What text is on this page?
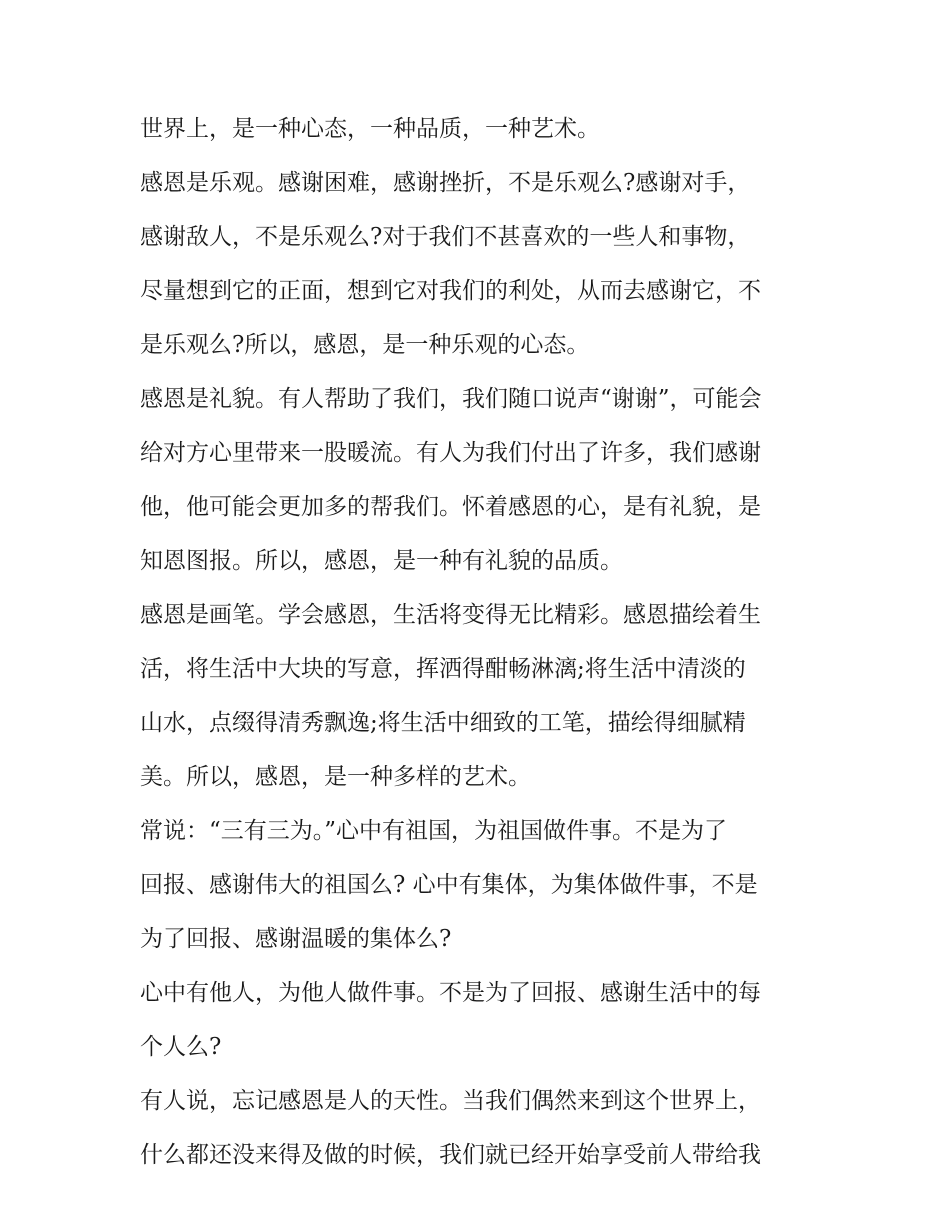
世界上，是一种心态，一种品质，一种艺术。
感恩是乐观。感谢困难，感谢挫折，不是乐观么?感谢对手，
感谢敌人，不是乐观么?对于我们不甚喜欢的一些人和事物，
尽量想到它的正面，想到它对我们的利处，从而去感谢它，不
是乐观么?所以，感恩，是一种乐观的心态。
感恩是礼貌。有人帮助了我们，我们随口说声“谢谢”，可能会
给对方心里带来一股暖流。有人为我们付出了许多，我们感谢
他，他可能会更加多的帮我们。怀着感恩的心，是有礼貌，是
知恩图报。所以，感恩，是一种有礼貌的品质。
感恩是画笔。学会感恩，生活将变得无比精彩。感恩描绘着生
活，将生活中大块的写意，挥洒得酣畅淋漓;将生活中清淡的
山水，点缀得清秀飘逸;将生活中细致的工笔，描绘得细腻精
美。所以，感恩，是一种多样的艺术。
常说：“三有三为。”心中有祖国，为祖国做件事。不是为了
回报、感谢伟大的祖国么? 心中有集体，为集体做件事，不是
为了回报、感谢温暖的集体么?
心中有他人，为他人做件事。不是为了回报、感谢生活中的每
个人么?
有人说，忘记感恩是人的天性。当我们偶然来到这个世界上，
什么都还没来得及做的时候，我们就已经开始享受前人带给我
